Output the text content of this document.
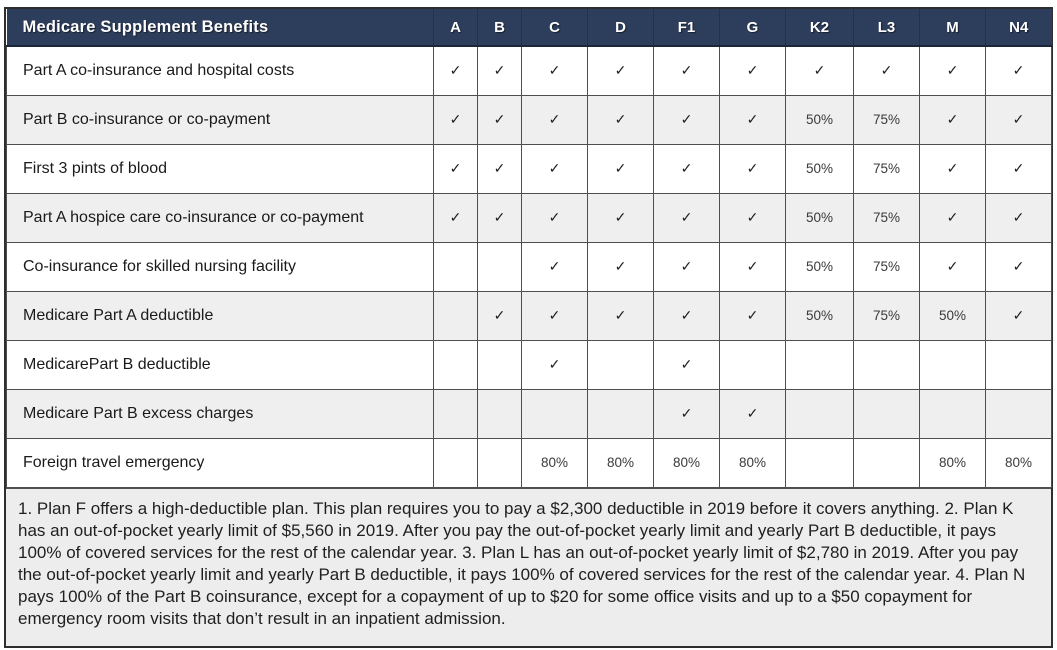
Medicare Supplement Benefits	A	B	C	D	F1	G	K2	L3	M	N4
Part A co-insurance and hospital costs	✓	✓	✓	✓	✓	✓	✓	✓	✓	✓
Part B co-insurance or co-payment	✓	✓	✓	✓	✓	✓	50%	75%	✓	✓
First 3 pints of blood	✓	✓	✓	✓	✓	✓	50%	75%	✓	✓
Part A hospice care co-insurance or co-payment	✓	✓	✓	✓	✓	✓	50%	75%	✓	✓
Co-insurance for skilled nursing facility			✓	✓	✓	✓	50%	75%	✓	✓
Medicare Part A deductible		✓	✓	✓	✓	✓	50%	75%	50%	✓
MedicarePart B deductible			✓		✓					
Medicare Part B excess charges					✓	✓				
Foreign travel emergency			80%	80%	80%	80%			80%	80%
1. Plan F offers a high-deductible plan. This plan requires you to pay a $2,300 deductible in 2019 before it covers anything. 2. Plan K has an out-of-pocket yearly limit of $5,560 in 2019. After you pay the out-of-pocket yearly limit and yearly Part B deductible, it pays 100% of covered services for the rest of the calendar year. 3. Plan L has an out-of-pocket yearly limit of $2,780 in 2019. After you pay the out-of-pocket yearly limit and yearly Part B deductible, it pays 100% of covered services for the rest of the calendar year. 4. Plan N pays 100% of the Part B coinsurance, except for a copayment of up to $20 for some office visits and up to a $50 copayment for emergency room visits that don’t result in an inpatient admission.
